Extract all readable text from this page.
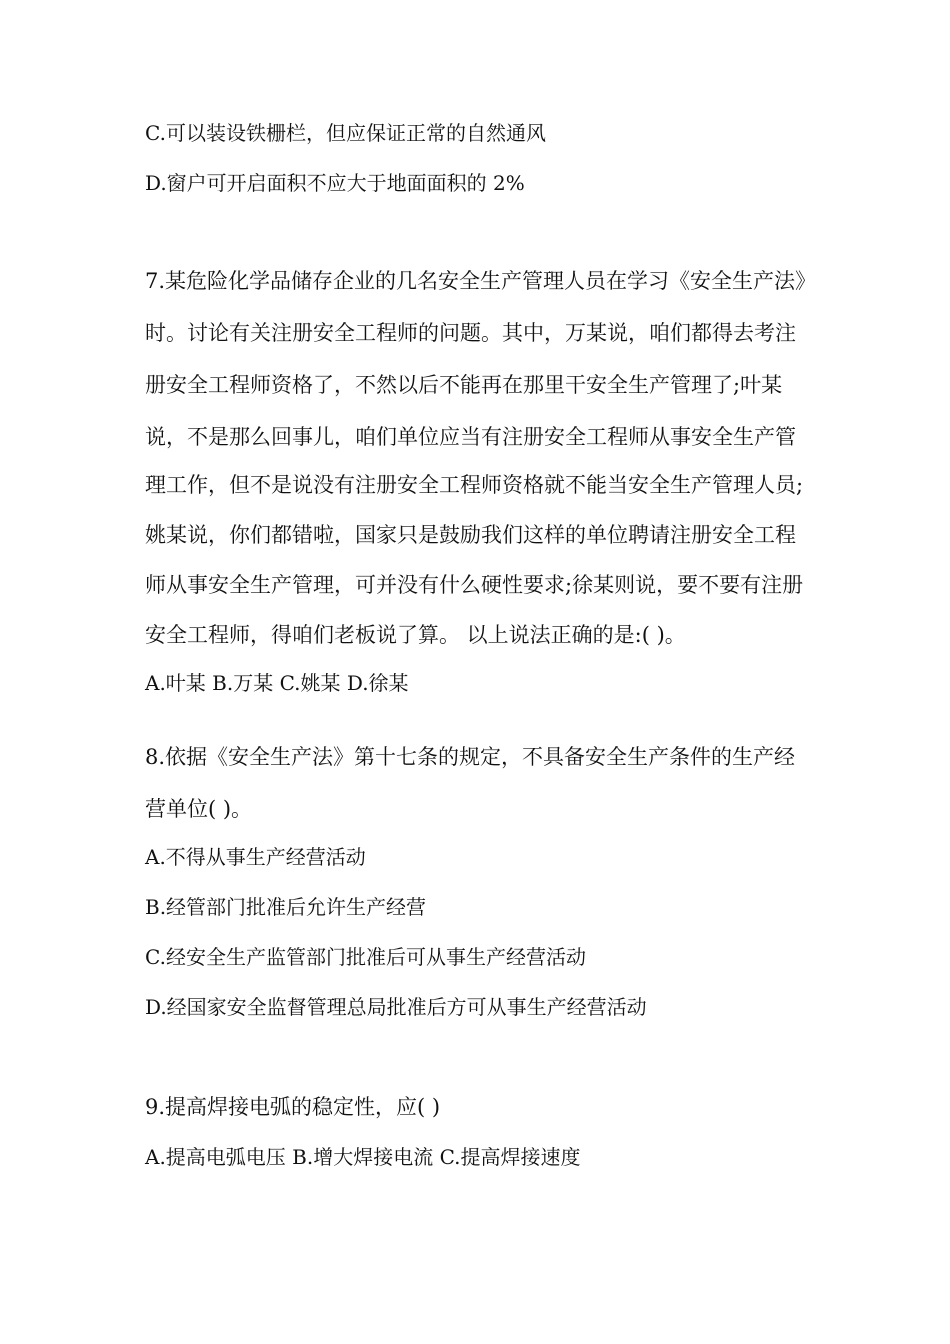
C.可以装设铁栅栏，但应保证正常的自然通风
D.窗户可开启面积不应大于地面面积的 2%
7.某危险化学品储存企业的几名安全生产管理人员在学习《安全生产法》
时。讨论有关注册安全工程师的问题。其中，万某说，咱们都得去考注
册安全工程师资格了，不然以后不能再在那里干安全生产管理了;叶某
说，不是那么回事儿，咱们单位应当有注册安全工程师从事安全生产管
理工作，但不是说没有注册安全工程师资格就不能当安全生产管理人员;
姚某说，你们都错啦，国家只是鼓励我们这样的单位聘请注册安全工程
师从事安全生产管理，可并没有什么硬性要求;徐某则说，要不要有注册
安全工程师，得咱们老板说了算。 以上说法正确的是:( )。
A.叶某 B.万某 C.姚某 D.徐某
8.依据《安全生产法》第十七条的规定，不具备安全生产条件的生产经
营单位( )。
A.不得从事生产经营活动
B.经管部门批准后允许生产经营
C.经安全生产监管部门批准后可从事生产经营活动
D.经国家安全监督管理总局批准后方可从事生产经营活动
9.提高焊接电弧的稳定性，应( )
A.提高电弧电压 B.增大焊接电流 C.提高焊接速度
